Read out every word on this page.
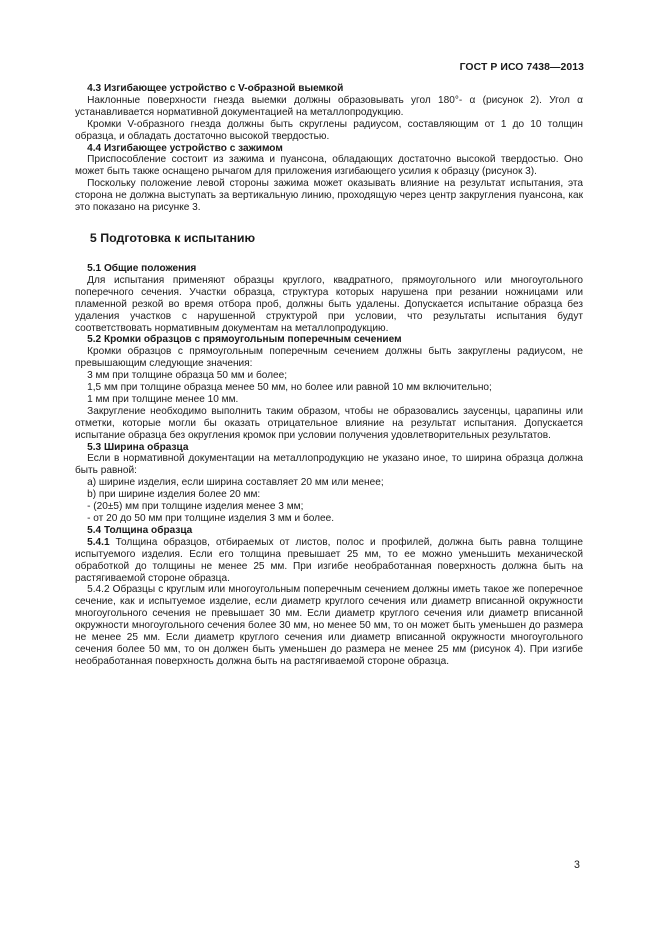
ГОСТ Р ИСО 7438—2013

4.3 Изгибающее устройство с V-образной выемкой

Наклонные поверхности гнезда выемки должны образовывать угол 180°- α (рисунок 2). Угол α устанавливается нормативной документацией на металлопродукцию.

Кромки V-образного гнезда должны быть скруглены радиусом, составляющим от 1 до 10 толщин образца, и обладать достаточно высокой твердостью.

4.4 Изгибающее устройство с зажимом

Приспособление состоит из зажима и пуансона, обладающих достаточно высокой твердостью. Оно может быть также оснащено рычагом для приложения изгибающего усилия к образцу (рисунок 3).

Поскольку положение левой стороны зажима может оказывать влияние на результат испытания, эта сторона не должна выступать за вертикальную линию, проходящую через центр закругления пуансона, как это показано на рисунке 3.

5 Подготовка к испытанию

5.1 Общие положения

Для испытания применяют образцы круглого, квадратного, прямоугольного или многоугольного поперечного сечения. Участки образца, структура которых нарушена при резании ножницами или пламенной резкой во время отбора проб, должны быть удалены. Допускается испытание образца без удаления участков с нарушенной структурой при условии, что результаты испытания будут соответствовать нормативным документам на металлопродукцию.

5.2 Кромки образцов с прямоугольным поперечным сечением

Кромки образцов с прямоугольным поперечным сечением должны быть закруглены радиусом, не превышающим следующие значения:

3 мм при толщине образца 50 мм и более;

1,5 мм при толщине образца менее 50 мм, но более или равной 10 мм включительно;

1 мм при толщине менее 10 мм.

Закругление необходимо выполнить таким образом, чтобы не образовались заусенцы, царапины или отметки, которые могли бы оказать отрицательное влияние на результат испытания. Допускается испытание образца без округления кромок при условии получения удовлетворительных результатов.

5.3 Ширина образца

Если в нормативной документации на металлопродукцию не указано иное, то ширина образца должна быть равной:

a) ширине изделия, если ширина составляет 20 мм или менее;

b) при ширине изделия более 20 мм:

- (20±5) мм при толщине изделия менее 3 мм;

- от 20 до 50 мм при толщине изделия 3 мм и более.

5.4 Толщина образца

5.4.1 Толщина образцов, отбираемых от листов, полос и профилей, должна быть равна толщине испытуемого изделия. Если его толщина превышает 25 мм, то ее можно уменьшить механической обработкой до толщины не менее 25 мм. При изгибе необработанная поверхность должна быть на растягиваемой стороне образца.

5.4.2 Образцы с круглым или многоугольным поперечным сечением должны иметь такое же поперечное сечение, как и испытуемое изделие, если диаметр круглого сечения или диаметр вписанной окружности многоугольного сечения не превышает 30 мм. Если диаметр круглого сечения или диаметр вписанной окружности многоугольного сечения более 30 мм, но менее 50 мм, то он может быть уменьшен до размера не менее 25 мм. Если диаметр круглого сечения или диаметр вписанной окружности многоугольного сечения более 50 мм, то он должен быть уменьшен до размера не менее 25 мм (рисунок 4). При изгибе необработанная поверхность должна быть на растягиваемой стороне образца.

3
